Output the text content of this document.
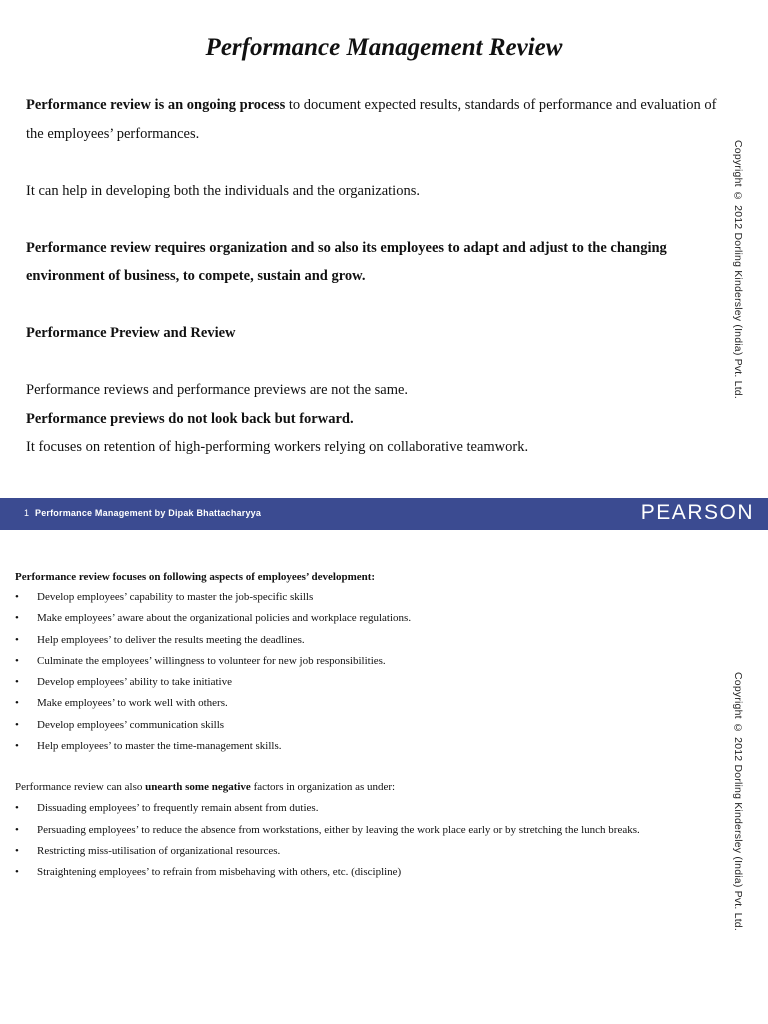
Performance Management Review

Performance review is an ongoing process to document expected results, standards of performance and evaluation of the employees’ performances.

It can help in developing both the individuals and the organizations.

Performance review requires organization and so also its employees to adapt and adjust to the changing environment of business, to compete, sustain and grow.

Performance Preview and Review

Performance reviews and performance previews are not the same.

Performance previews do not look back but forward.

It focuses on retention of high-performing workers relying on collaborative teamwork.

Copyright © 2012 Dorling Kindersley (India) Pvt. Ltd.
1 Performance Management by Dipak Bhattacharyya	PEARSON

Performance review focuses on following aspects of employees’ development:

• Develop employees’ capability to master the job-specific skills
• Make employees’ aware about the organizational policies and workplace regulations.
• Help employees’ to deliver the results meeting the deadlines.
• Culminate the employees’ willingness to volunteer for new job responsibilities.
• Develop employees’ ability to take initiative
• Make employees’ to work well with others.
• Develop employees’ communication skills
• Help employees’ to master the time-management skills.

Performance review can also unearth some negative factors in organization as under:

• Dissuading employees’ to frequently remain absent from duties.
• Persuading employees’ to reduce the absence from workstations, either by leaving the work place early or by stretching the lunch breaks.
• Restricting miss-utilisation of organizational resources.
• Straightening employees’ to refrain from misbehaving with others, etc. (discipline)	Copyright © 2012 Dorling Kindersley (India) Pvt. Ltd.
